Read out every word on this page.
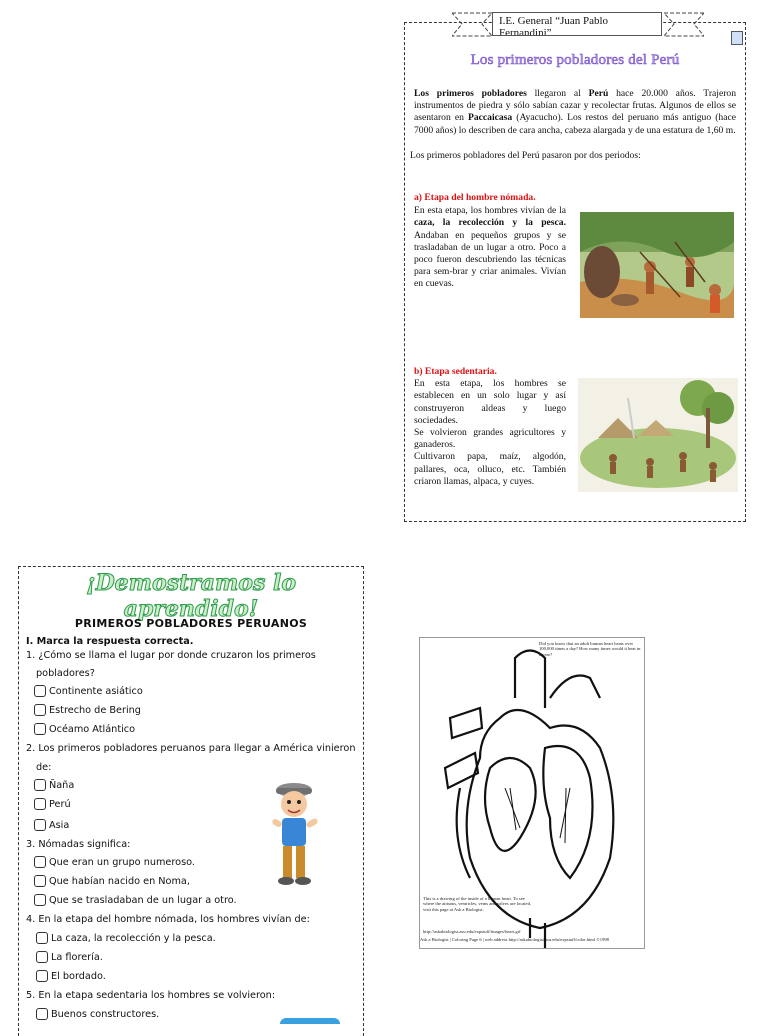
I.E. General “Juan Pablo Fernandini”
Los primeros pobladores del Perú
Los primeros pobladores llegaron al Perú hace 20.000 años. Trajeron instrumentos de piedra y sólo sabían cazar y recolectar frutas. Algunos de ellos se asentaron en Paccaicasa (Ayacucho). Los restos del peruano más antiguo (hace 7000 años) lo describen de cara ancha, cabeza alargada y de una estatura de 1,60 m.
Los primeros pobladores del Perú pasaron por dos periodos:
a) Etapa del hombre nómada.
En esta etapa, los hombres vivían de la caza, la recolección y la pesca. Andaban en pequeños grupos y se trasladaban de un lugar a otro. Poco a poco fueron descubriendo las técnicas para sem-brar y criar animales. Vivían en cuevas.
b) Etapa sedentaria.
En esta etapa, los hombres se establecen en un solo lugar y así construyeron aldeas y luego sociedades.
Se volvieron grandes agricultores y ganaderos.
Cultivaron papa, maíz, algodón, pallares, oca, olluco, etc. También criaron llamas, alpaca, y cuyes.
¡Demostramos lo aprendido!
PRIMEROS POBLADORES PERUANOS
I. Marca la respuesta correcta.
1. ¿Cómo se llama el lugar por donde cruzaron los primeros
pobladores?
Continente asiático
Estrecho de Bering
Océamo Atlántico
2. Los primeros pobladores peruanos para llegar a América vinieron
de:
Ñaña
Perú
Asia
3. Nómadas significa:
Que eran un grupo numeroso.
Que habían nacido en Noma,
Que se trasladaban de un lugar a otro.
4. En la etapa del hombre nómada, los hombres vivían de:
La caza, la recolección y la pesca.
La florería.
El bordado.
5. En la etapa sedentaria los hombres se volvieron:
Buenos constructores.
Did you know that an adult human heart beats over 100,000 times a day? How many times would it beat in a year?
This is a drawing of the inside of a human heart. To see where the atriums, ventricles, veins and valves are located, visit this page at Ask a Biologist:
http://askabiologist.asu.edu/expstuff/images/heart.gif
Ask a Biologist | Coloring Page 6 | web address http://askabiologist.asu.edu/expstuff/color.html ©1998
